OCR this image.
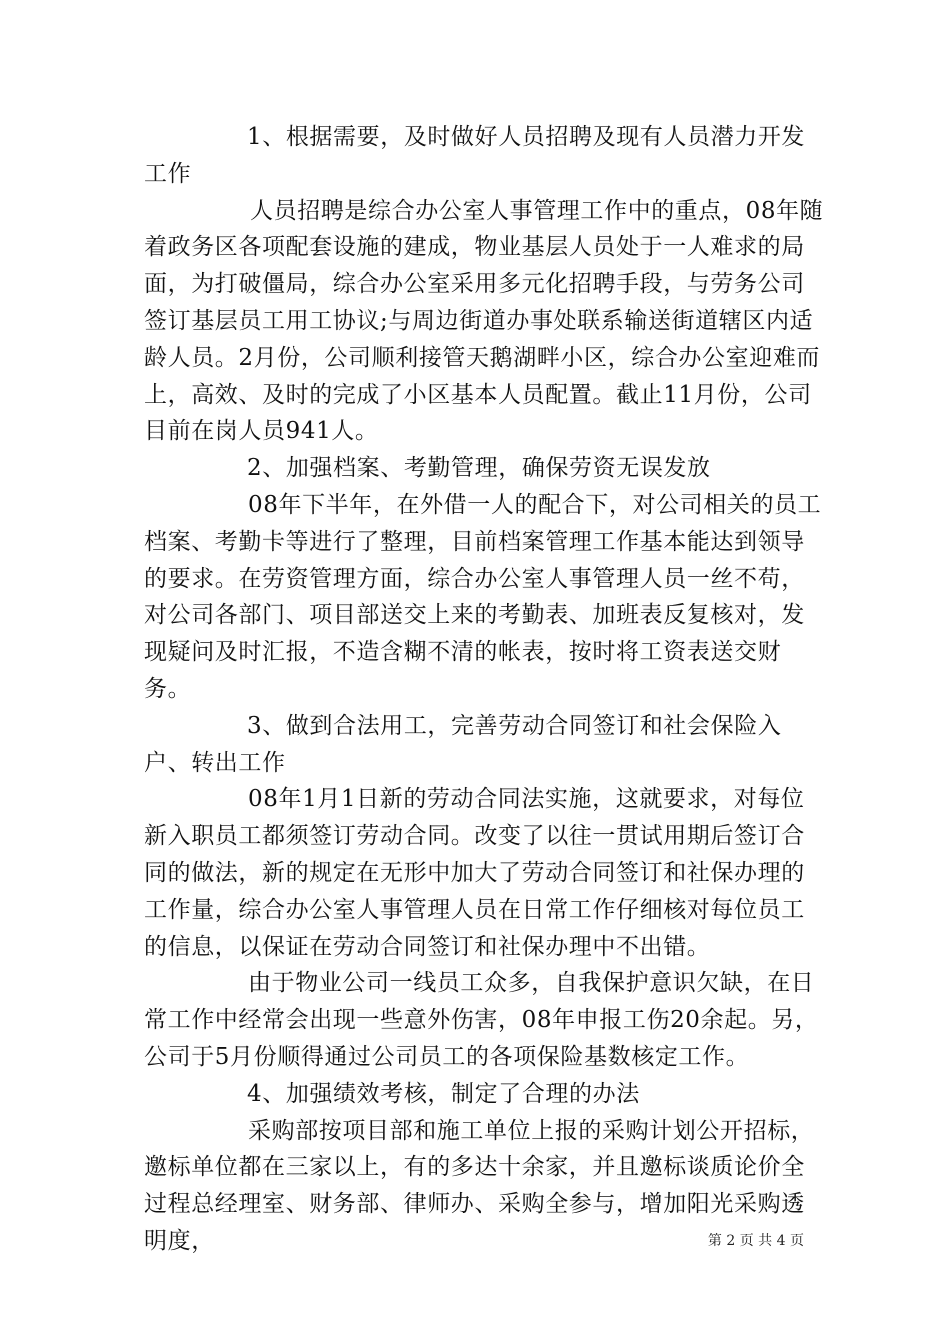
1、根据需要，及时做好人员招聘及现有人员潜力开发工作

人员招聘是综合办公室人事管理工作中的重点，08年随着政务区各项配套设施的建成，物业基层人员处于一人难求的局面，为打破僵局，综合办公室采用多元化招聘手段，与劳务公司签订基层员工用工协议;与周边街道办事处联系输送街道辖区内适龄人员。2月份，公司顺利接管天鹅湖畔小区，综合办公室迎难而上，高效、及时的完成了小区基本人员配置。截止11月份，公司目前在岗人员941人。

2、加强档案、考勤管理，确保劳资无误发放

08年下半年，在外借一人的配合下，对公司相关的员工档案、考勤卡等进行了整理，目前档案管理工作基本能达到领导的要求。在劳资管理方面，综合办公室人事管理人员一丝不苟，对公司各部门、项目部送交上来的考勤表、加班表反复核对，发现疑问及时汇报，不造含糊不清的帐表，按时将工资表送交财务。

3、做到合法用工，完善劳动合同签订和社会保险入户、转出工作

08年1月1日新的劳动合同法实施，这就要求，对每位新入职员工都须签订劳动合同。改变了以往一贯试用期后签订合同的做法，新的规定在无形中加大了劳动合同签订和社保办理的工作量，综合办公室人事管理人员在日常工作仔细核对每位员工的信息，以保证在劳动合同签订和社保办理中不出错。

由于物业公司一线员工众多，自我保护意识欠缺，在日常工作中经常会出现一些意外伤害，08年申报工伤20余起。另，公司于5月份顺得通过公司员工的各项保险基数核定工作。

4、加强绩效考核，制定了合理的办法

采购部按项目部和施工单位上报的采购计划公开招标，邀标单位都在三家以上，有的多达十余家，并且邀标谈质论价全过程总经理室、财务部、律师办、采购全参与，增加阳光采购透明度，	第 2 页 共 4 页
